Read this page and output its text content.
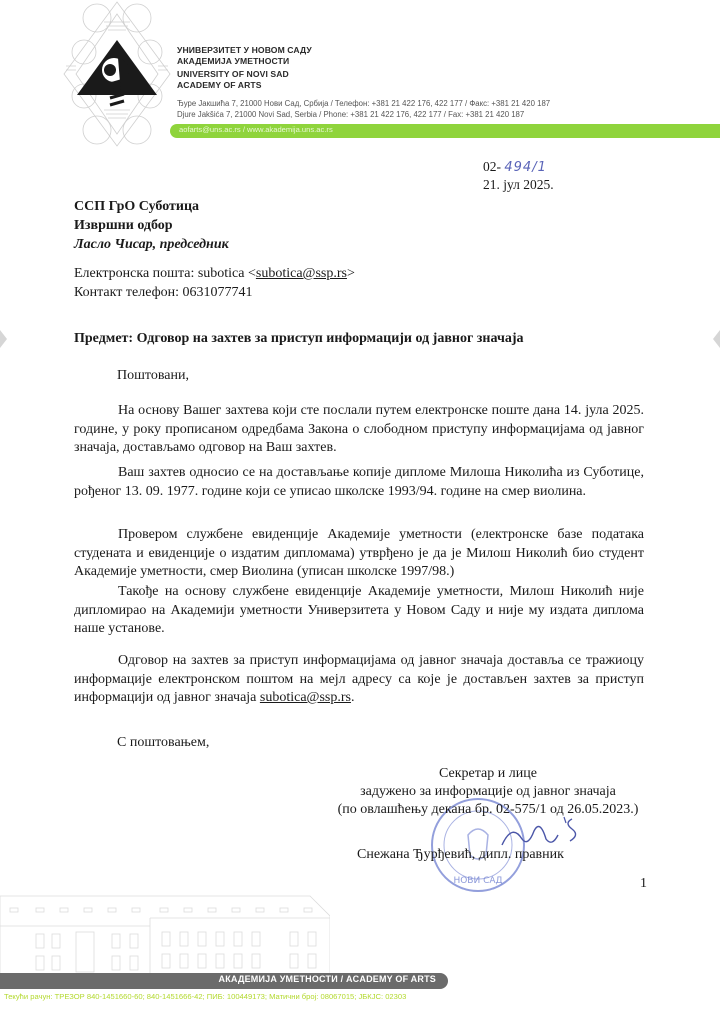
УНИВЕРЗИТЕТ У НОВОМ САДУ
АКАДЕМИЈА УМЕТНОСТИ
UNIVERSITY OF NOVI SAD
ACADEMY OF ARTS
Ђуре Јакшића 7, 21000 Нови Сад, Србија / Телефон: +381 21 422 176, 422 177 / Факс: +381 21 420 187
Djure Jakšića 7, 21000 Novi Sad, Serbia / Phone: +381 21 422 176, 422 177 / Fax: +381 21 420 187
aofarts@uns.ac.rs / www.akademija.uns.ac.rs
02- 494/1
21. јул 2025.
ССП ГрО Суботица
Извршни одбор
Ласло Чисар, председник
Електронска пошта: subotica <subotica@ssp.rs>
Контакт телефон: 0631077741
Предмет: Одговор на захтев за приступ информацији од јавног значаја
Поштовани,
На основу Вашег захтева који сте послали путем електронске поште дана 14. јула 2025. године, у року прописаном одредбама Закона о слободном приступу информацијама од јавног значаја, достављамо одговор на Ваш захтев.
Ваш захтев односио се на достављање копије дипломе Милоша Николића из Суботице, рођеног 13. 09. 1977. године који се уписао школске 1993/94. године на смер виолина.
Провером службене евиденције Академије уметности (електронске базе података студената и евиденције о издатим дипломама) утврђено је да је Милош Николић био студент Академије уметности, смер Виолина (уписан школске 1997/98.)
Такође на основу службене евиденције Академије уметности, Милош Николић није дипломирао на Академији уметности Универзитета у Новом Саду и није му издата диплома наше установе.
Одговор на захтев за приступ информацијама од јавног значаја доставља се тражиоцу информације електронском поштом на мејл адресу са које је достављен захтев за приступ информацији од јавног значаја subotica@ssp.rs.
С поштовањем,
НОВИ САД
Секретар и лице
задужено за информације од јавног значаја
(по овлашћењу декана бр. 02-575/1 од 26.05.2023.)
Снежана Ђурђевић, дипл. правник
1
АКАДЕМИЈА УМЕТНОСТИ / ACADEMY OF ARTS
Текући рачун: ТРЕЗОР 840-1451660-60; 840-1451666-42; ПИБ: 100449173; Матични број: 08067015; ЈБКЈС: 02303
